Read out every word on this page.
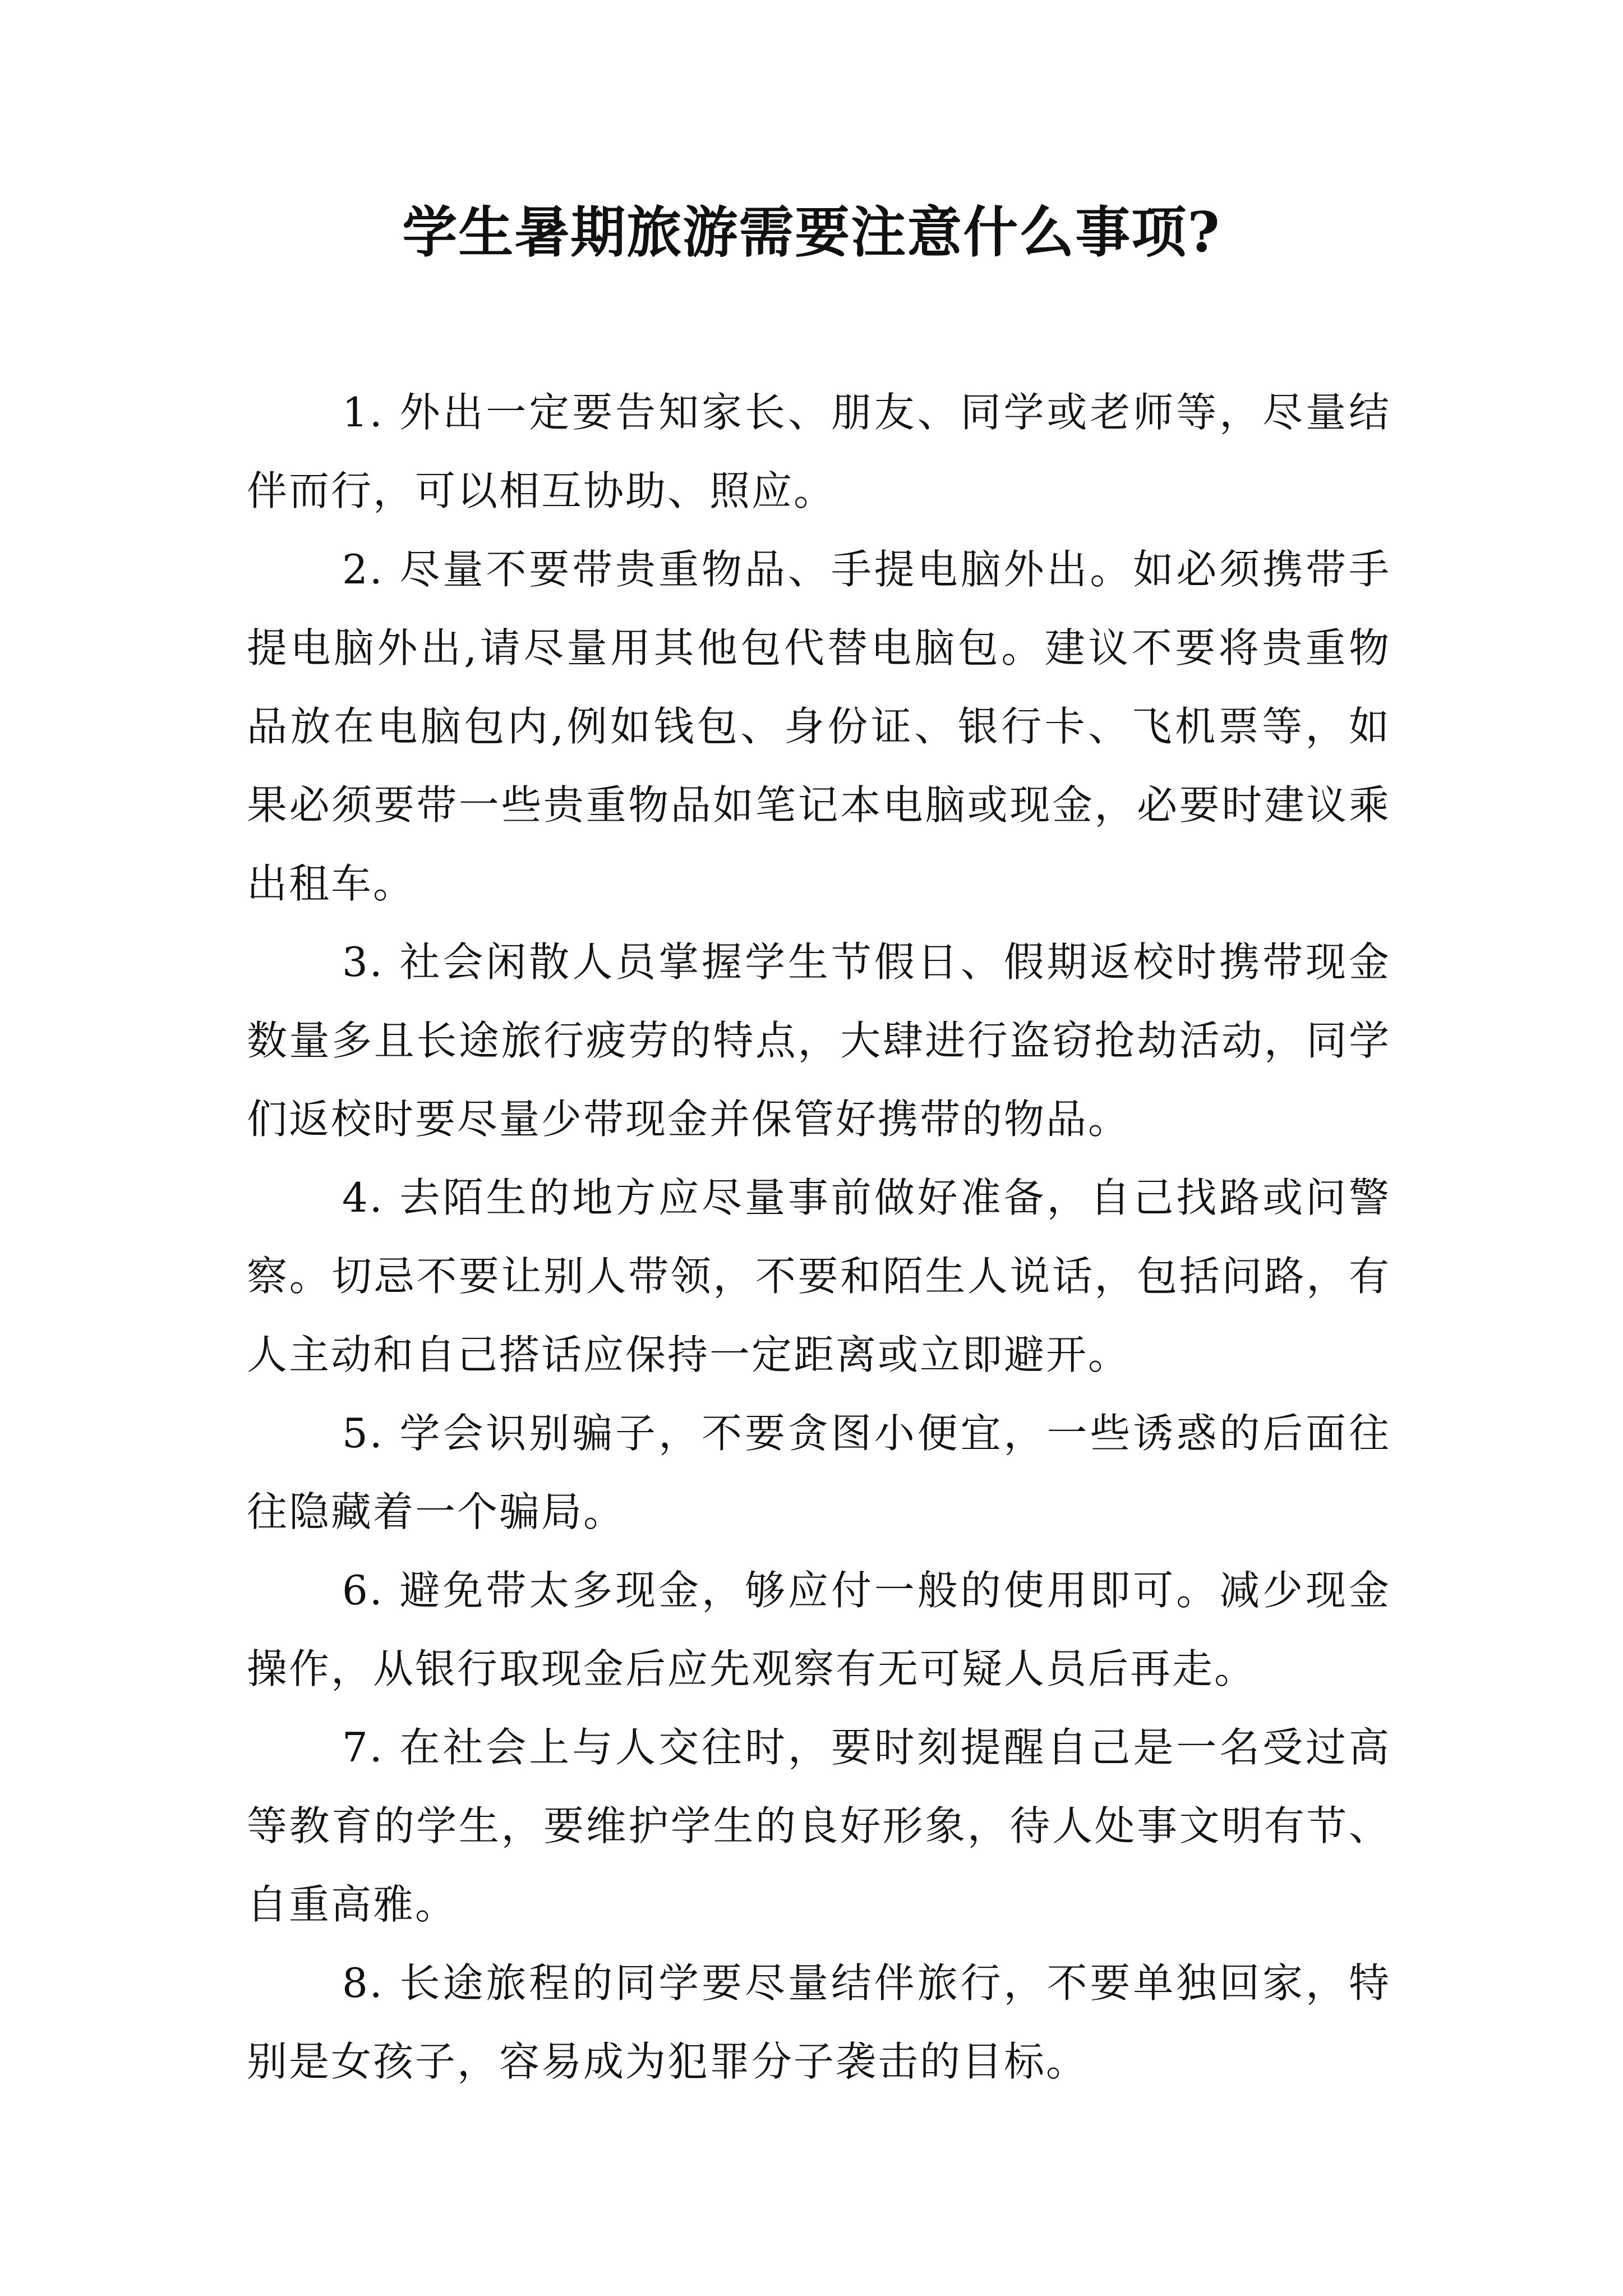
学生暑期旅游需要注意什么事项?

1. 外出一定要告知家长、朋友、同学或老师等，尽量结伴而行，可以相互协助、照应。

2. 尽量不要带贵重物品、手提电脑外出。如必须携带手提电脑外出,请尽量用其他包代替电脑包。建议不要将贵重物品放在电脑包内,例如钱包、身份证、银行卡、飞机票等，如果必须要带一些贵重物品如笔记本电脑或现金，必要时建议乘出租车。

3. 社会闲散人员掌握学生节假日、假期返校时携带现金数量多且长途旅行疲劳的特点，大肆进行盗窃抢劫活动，同学们返校时要尽量少带现金并保管好携带的物品。

4. 去陌生的地方应尽量事前做好准备，自己找路或问警察。切忌不要让别人带领，不要和陌生人说话，包括问路，有人主动和自己搭话应保持一定距离或立即避开。

5. 学会识别骗子，不要贪图小便宜，一些诱惑的后面往往隐藏着一个骗局。

6. 避免带太多现金，够应付一般的使用即可。减少现金操作，从银行取现金后应先观察有无可疑人员后再走。

7. 在社会上与人交往时，要时刻提醒自己是一名受过高等教育的学生，要维护学生的良好形象，待人处事文明有节、自重高雅。

8. 长途旅程的同学要尽量结伴旅行，不要单独回家，特别是女孩子，容易成为犯罪分子袭击的目标。
